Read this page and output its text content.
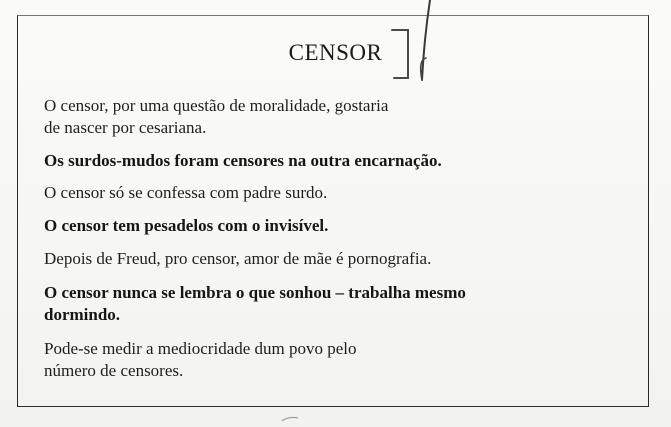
CENSOR
O censor, por uma questão de moralidade, gostaria
de nascer por cesariana.
Os surdos-mudos foram censores na outra encarnação.
O censor só se confessa com padre surdo.
O censor tem pesadelos com o invisível.
Depois de Freud, pro censor, amor de mãe é pornografia.
O censor nunca se lembra o que sonhou – trabalha mesmo
dormindo.
Pode-se medir a mediocridade dum povo pelo
número de censores.
